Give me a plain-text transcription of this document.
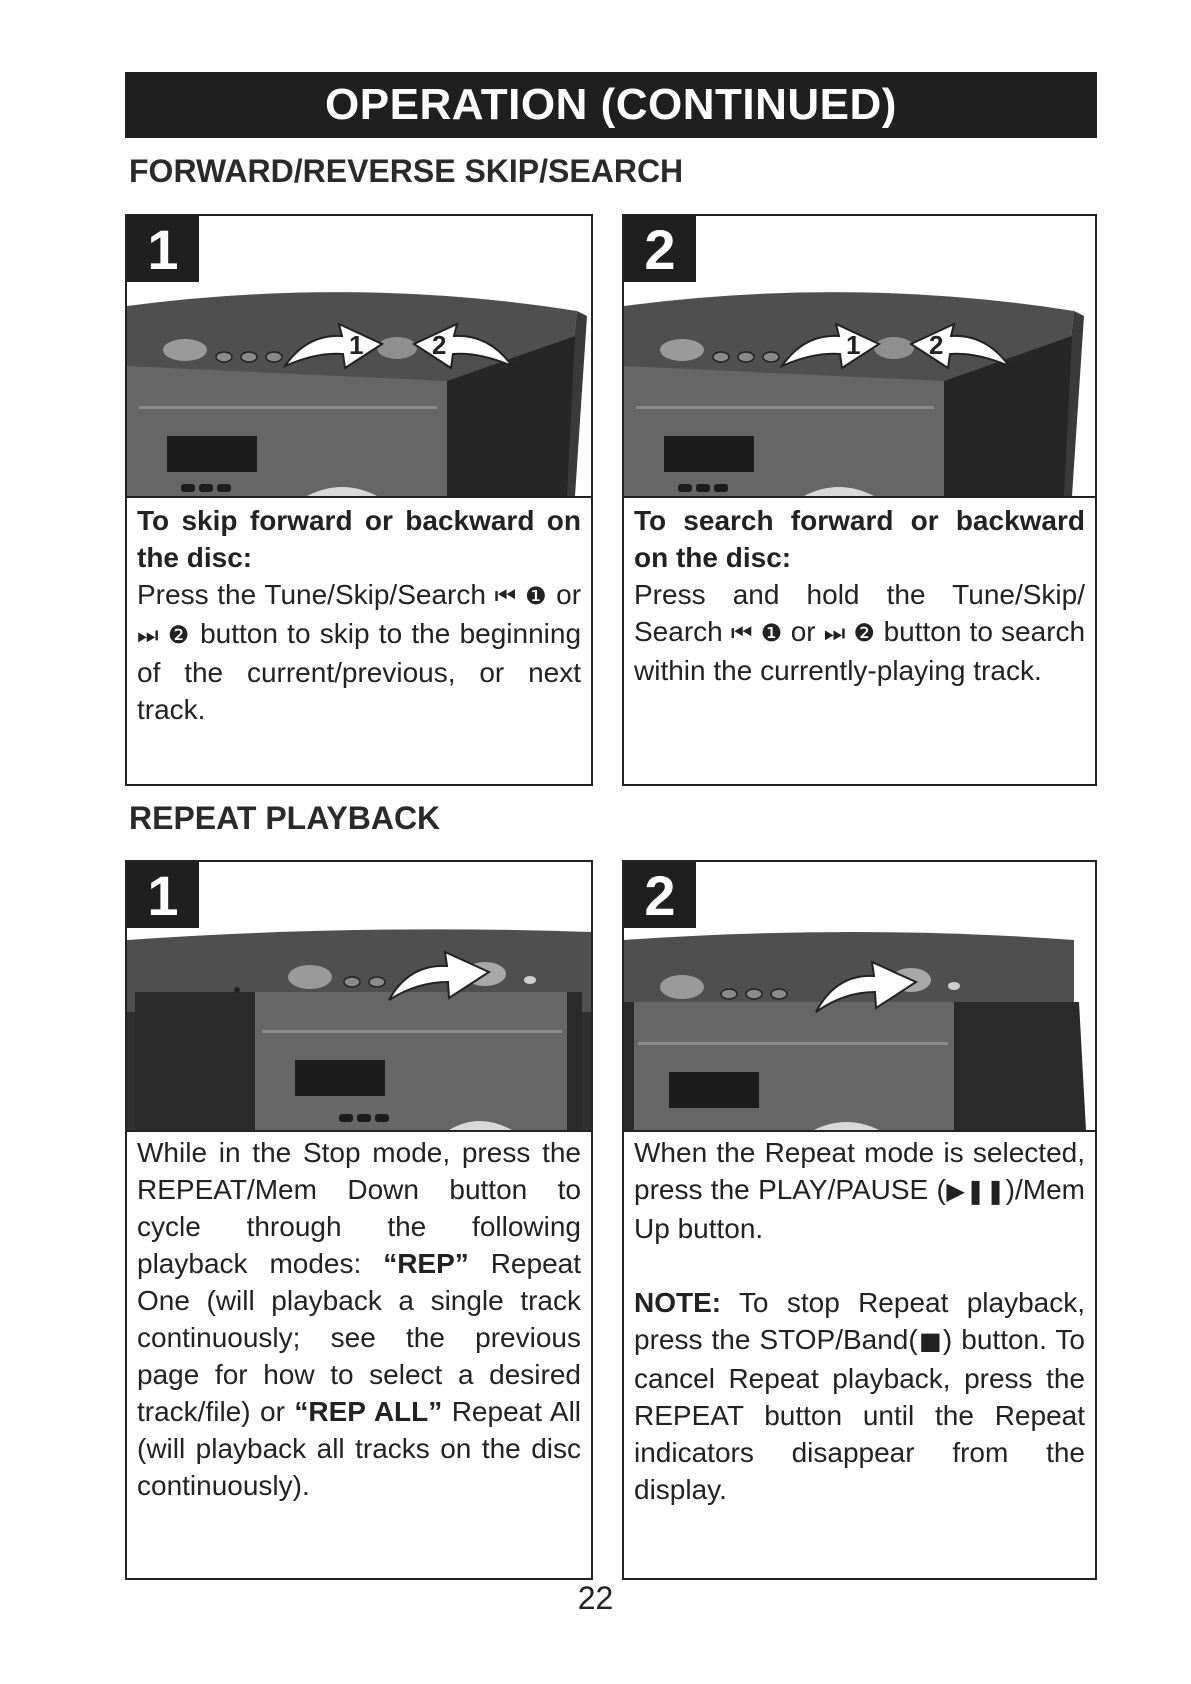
OPERATION (CONTINUED)
FORWARD/REVERSE SKIP/SEARCH
1
1	2

To skip forward or backward on the disc:

Press the Tune/Skip/Search ⏮ ❶ or ⏭ ❷ button to skip to the beginning of the current/previous, or next track.

2
1	2

To search forward or backward on the disc:

Press and hold the Tune/Skip/ Search ⏮ ❶ or ⏭ ❷ button to search within the currently-playing track.

REPEAT PLAYBACK
1

While in the Stop mode, press the REPEAT/Mem Down button to cycle through the following playback modes: “REP” Repeat One (will playback a single track continuously; see the previous page for how to select a desired track/file) or “REP ALL” Repeat All (will playback all tracks on the disc continuously).

2

When the Repeat mode is selected, press the PLAY/PAUSE (▶❚❚)/Mem Up button.

NOTE: To stop Repeat playback, press the STOP/Band(■) button. To cancel Repeat playback, press the REPEAT button until the Repeat indicators disappear from the display.

22
